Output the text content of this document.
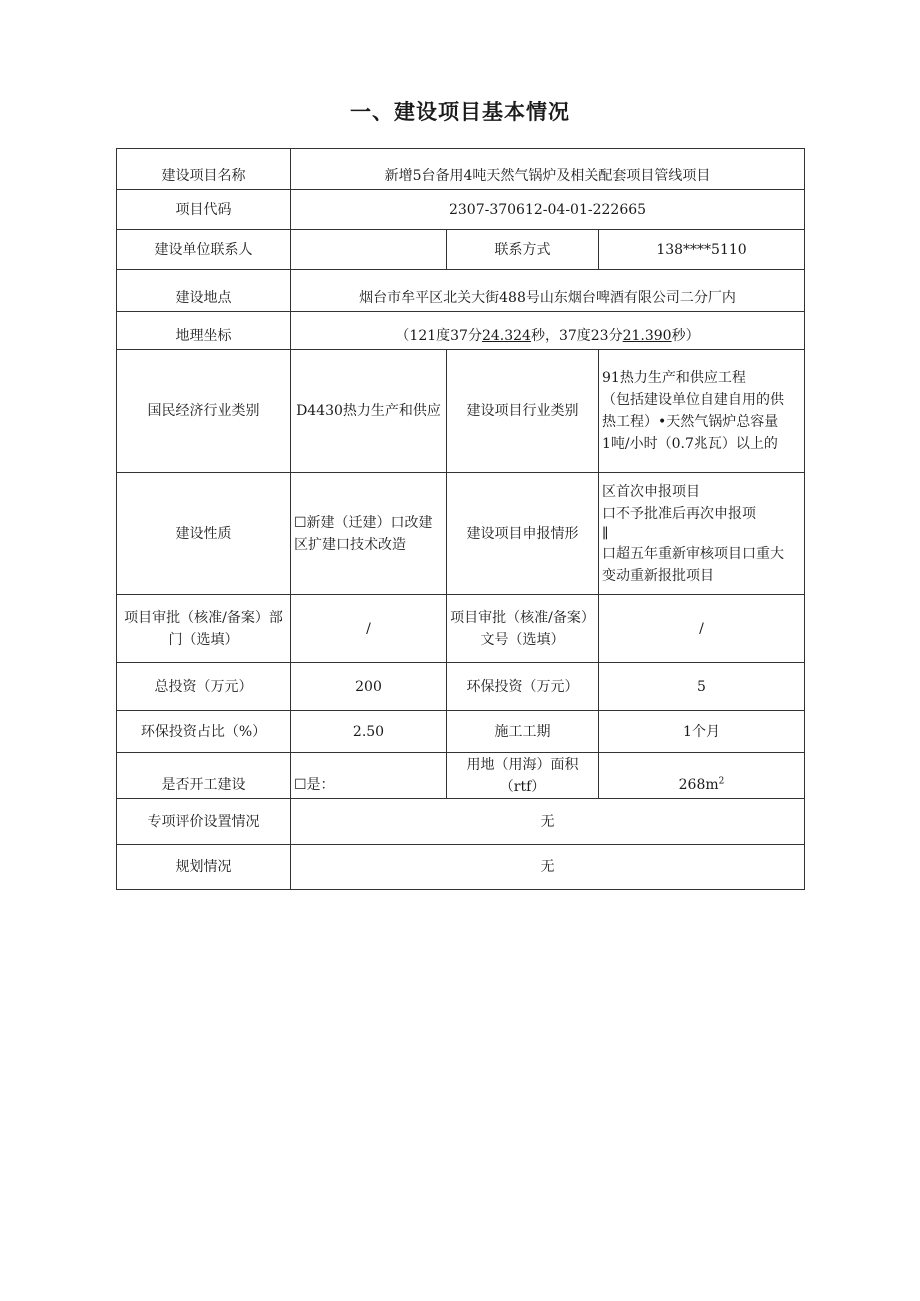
一、建设项目基本情况
建设项目名称	新增5台备用4吨天然气锅炉及相关配套项目管线项目		
项目代码	2307-370612-04-01-222665		
建设单位联系人		联系方式	138****5110
建设地点	烟台市牟平区北关大街488号山东烟台啤酒有限公司二分厂内		
地理坐标	（121度37分24.324秒，37度23分21.390秒）		
国民经济行业类别	D4430热力生产和供应	建设项目行业类别	91热力生产和供应工程
（包括建设单位自建自用的供
热工程）•天然气锅炉总容量
1吨/小时（0.7兆瓦）以上的

建设性质	☐新建（迁建）口改建区扩建口技术改造	建设项目申报情形	区首次申报项目
口不予批准后再次申报项
∥
口超五年重新审核项目口重大
变动重新报批项目

项目审批（核准/备案）部门（选填）	/	项目审批（核准/备案）文号（选填）	/
总投资（万元）	200	环保投资（万元）	5
环保投资占比（%）	2.50	施工工期	1个月
是否开工建设	☐是：	用地（用海）面积（rtf）	$268m^2$
专项评价设置情况	无		
规划情况	无		
